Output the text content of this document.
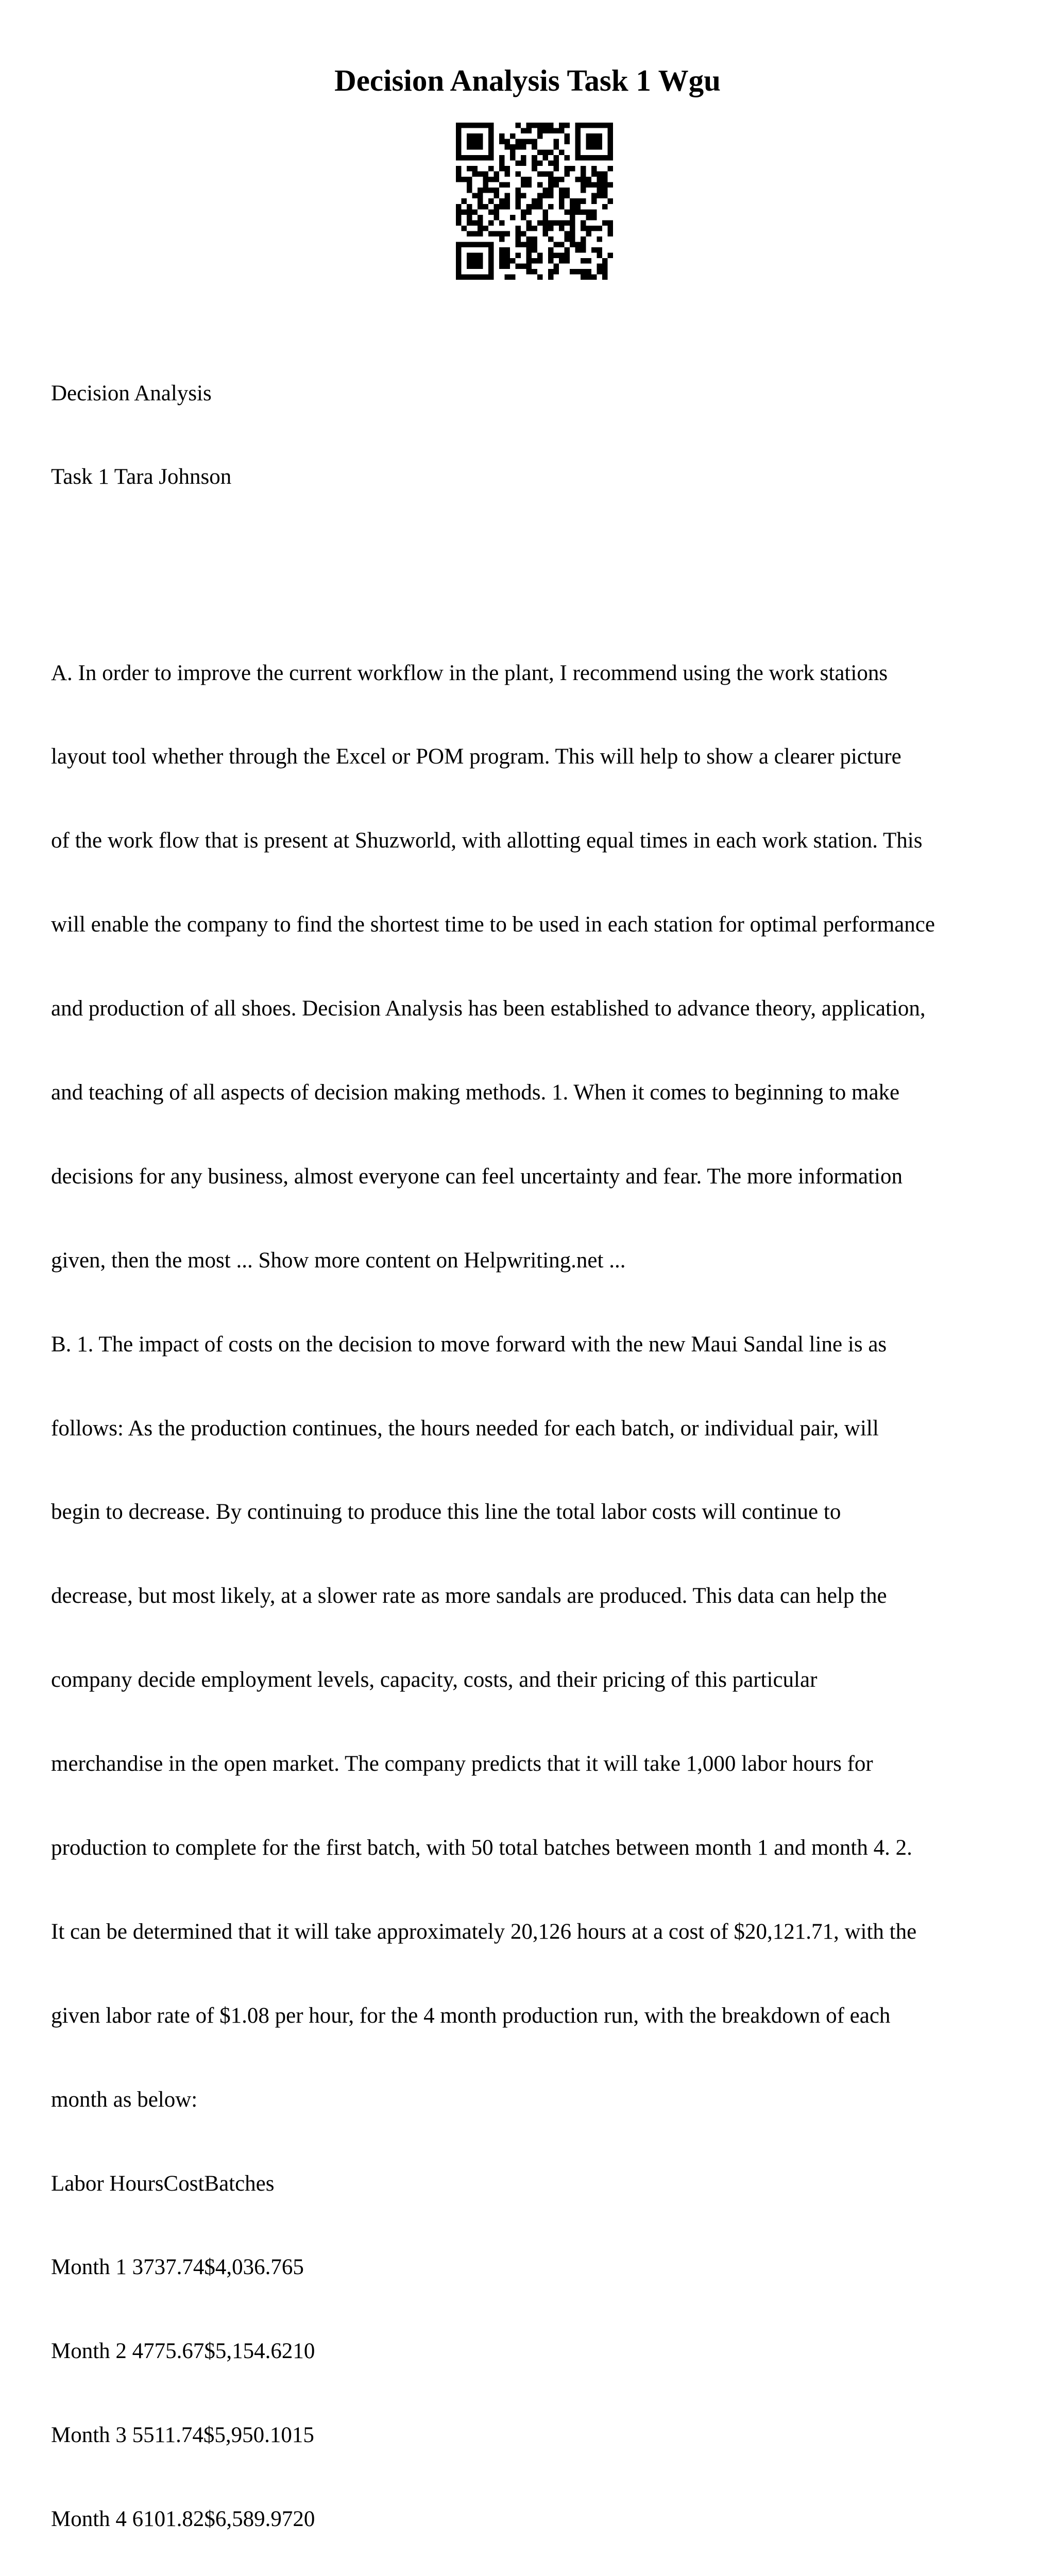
Decision Analysis Task 1 Wgu

Decision Analysis

Task 1 Tara Johnson

A. In order to improve the current workflow in the plant, I recommend using the work stations

layout tool whether through the Excel or POM program. This will help to show a clearer picture

of the work flow that is present at Shuzworld, with allotting equal times in each work station. This

will enable the company to find the shortest time to be used in each station for optimal performance

and production of all shoes. Decision Analysis has been established to advance theory, application,

and teaching of all aspects of decision making methods. 1. When it comes to beginning to make

decisions for any business, almost everyone can feel uncertainty and fear. The more information

given, then the most ... Show more content on Helpwriting.net ...

B. 1. The impact of costs on the decision to move forward with the new Maui Sandal line is as

follows: As the production continues, the hours needed for each batch, or individual pair, will

begin to decrease. By continuing to produce this line the total labor costs will continue to

decrease, but most likely, at a slower rate as more sandals are produced. This data can help the

company decide employment levels, capacity, costs, and their pricing of this particular

merchandise in the open market. The company predicts that it will take 1,000 labor hours for

production to complete for the first batch, with 50 total batches between month 1 and month 4. 2.

It can be determined that it will take approximately 20,126 hours at a cost of $20,121.71, with the

given labor rate of $1.08 per hour, for the 4 month production run, with the breakdown of each

month as below:

Labor HoursCostBatches

Month 1 3737.74$4,036.765

Month 2 4775.67$5,154.6210

Month 3 5511.74$5,950.1015

Month 4 6101.82$6,589.9720
